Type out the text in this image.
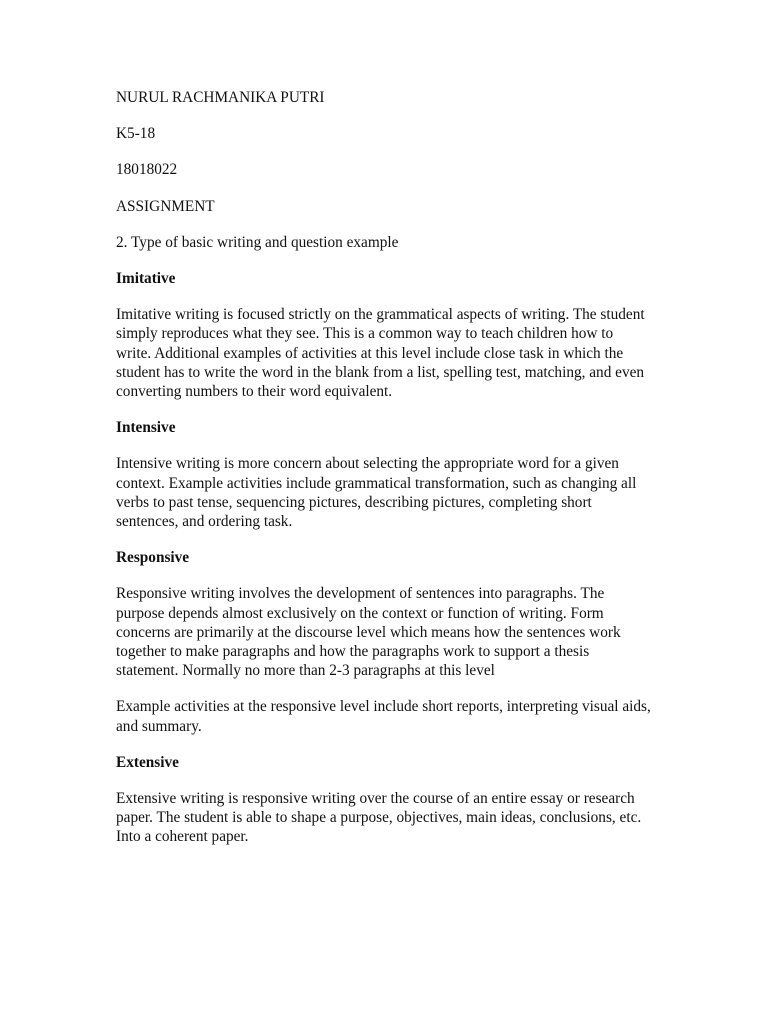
NURUL RACHMANIKA PUTRI
K5-18
18018022
ASSIGNMENT
2. Type of basic writing and question example
Imitative

Imitative writing is focused strictly on the grammatical aspects of writing. The student simply reproduces what they see. This is a common way to teach children how to write. Additional examples of activities at this level include close task in which the student has to write the word in the blank from a list, spelling test, matching, and even converting numbers to their word equivalent.

Intensive

Intensive writing is more concern about selecting the appropriate word for a given context. Example activities include grammatical transformation, such as changing all verbs to past tense, sequencing pictures, describing pictures, completing short sentences, and ordering task.

Responsive

Responsive writing involves the development of sentences into paragraphs. The purpose depends almost exclusively on the context or function of writing. Form concerns are primarily at the discourse level which means how the sentences work together to make paragraphs and how the paragraphs work to support a thesis statement. Normally no more than 2-3 paragraphs at this level

Example activities at the responsive level include short reports, interpreting visual aids, and summary.

Extensive

Extensive writing is responsive writing over the course of an entire essay or research paper. The student is able to shape a purpose, objectives, main ideas, conclusions, etc. Into a coherent paper.
